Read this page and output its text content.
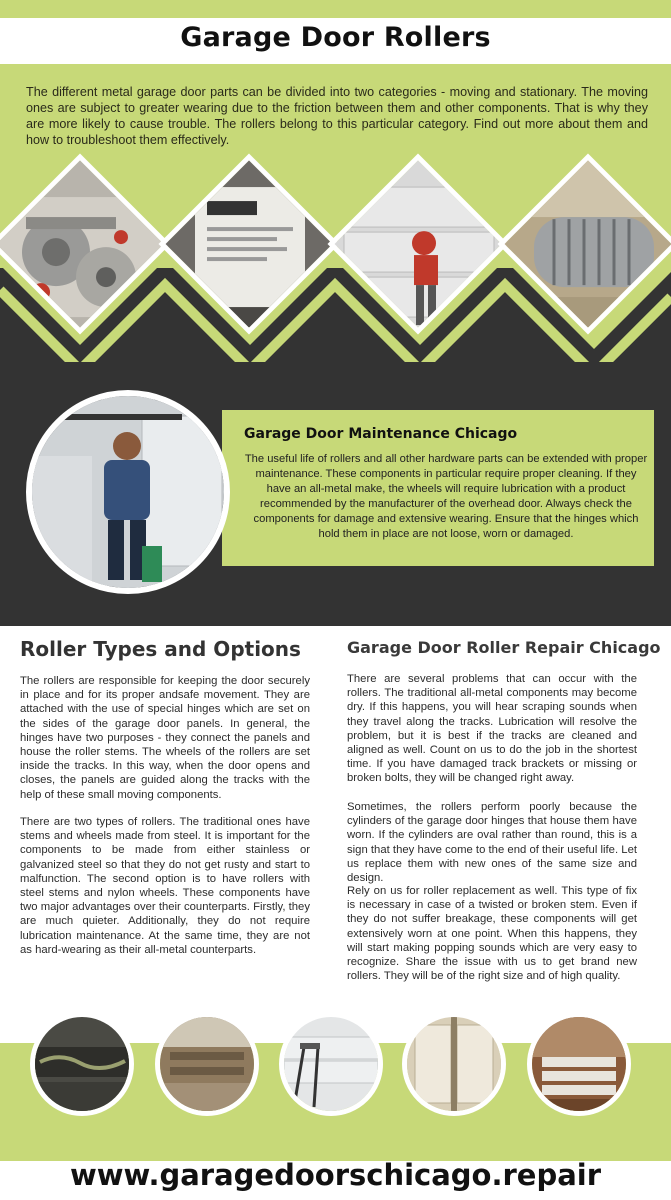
Garage Door Rollers

The different metal garage door parts can be divided into two categories - moving and stationary. The moving ones are subject to greater wearing due to the friction between them and other components. That is why they are more likely to cause trouble. The rollers belong to this particular category. Find out more about them and how to troubleshoot them effectively.

Garage Door Maintenance Chicago

The useful life of rollers and all other hardware parts can be extended with proper maintenance. These components in particular require proper cleaning. If they have an all-metal make, the wheels will require lubrication with a product recommended by the manufacturer of the overhead door. Always check the components for damage and extensive wearing. Ensure that the hinges which hold them in place are not loose, worn or damaged.

Roller Types and Options

The rollers are responsible for keeping the door securely in place and for its proper andsafe movement. They are attached with the use of special hinges which are set on the sides of the garage door panels. In general, the hinges have two purposes - they connect the panels and house the roller stems. The wheels of the rollers are set inside the tracks. In this way, when the door opens and closes, the panels are guided along the tracks with the help of these small moving components.

There are two types of rollers. The traditional ones have stems and wheels made from steel. It is important for the components to be made from either stainless or galvanized steel so that they do not get rusty and start to malfunction. The second option is to have rollers with steel stems and nylon wheels. These components have two major advantages over their counterparts. Firstly, they are much quieter. Additionally, they do not require lubrication maintenance. At the same time, they are not as hard-wearing as their all-metal counterparts.

Garage Door Roller Repair Chicago

There are several problems that can occur with the rollers. The traditional all-metal components may become dry. If this happens, you will hear scraping sounds when they travel along the tracks. Lubrication will resolve the problem, but it is best if the tracks are cleaned and aligned as well. Count on us to do the job in the shortest time. If you have damaged track brackets or missing or broken bolts, they will be changed right away.

Sometimes, the rollers perform poorly because the cylinders of the garage door hinges that house them have worn. If the cylinders are oval rather than round, this is a sign that they have come to the end of their useful life. Let us replace them with new ones of the same size and design.

Rely on us for roller replacement as well. This type of fix is necessary in case of a twisted or broken stem. Even if they do not suffer breakage, these components will get extensively worn at one point. When this happens, they will start making popping sounds which are very easy to recognize. Share the issue with us to get brand new rollers. They will be of the right size and of high quality.

www.garagedoorschicago.repair
